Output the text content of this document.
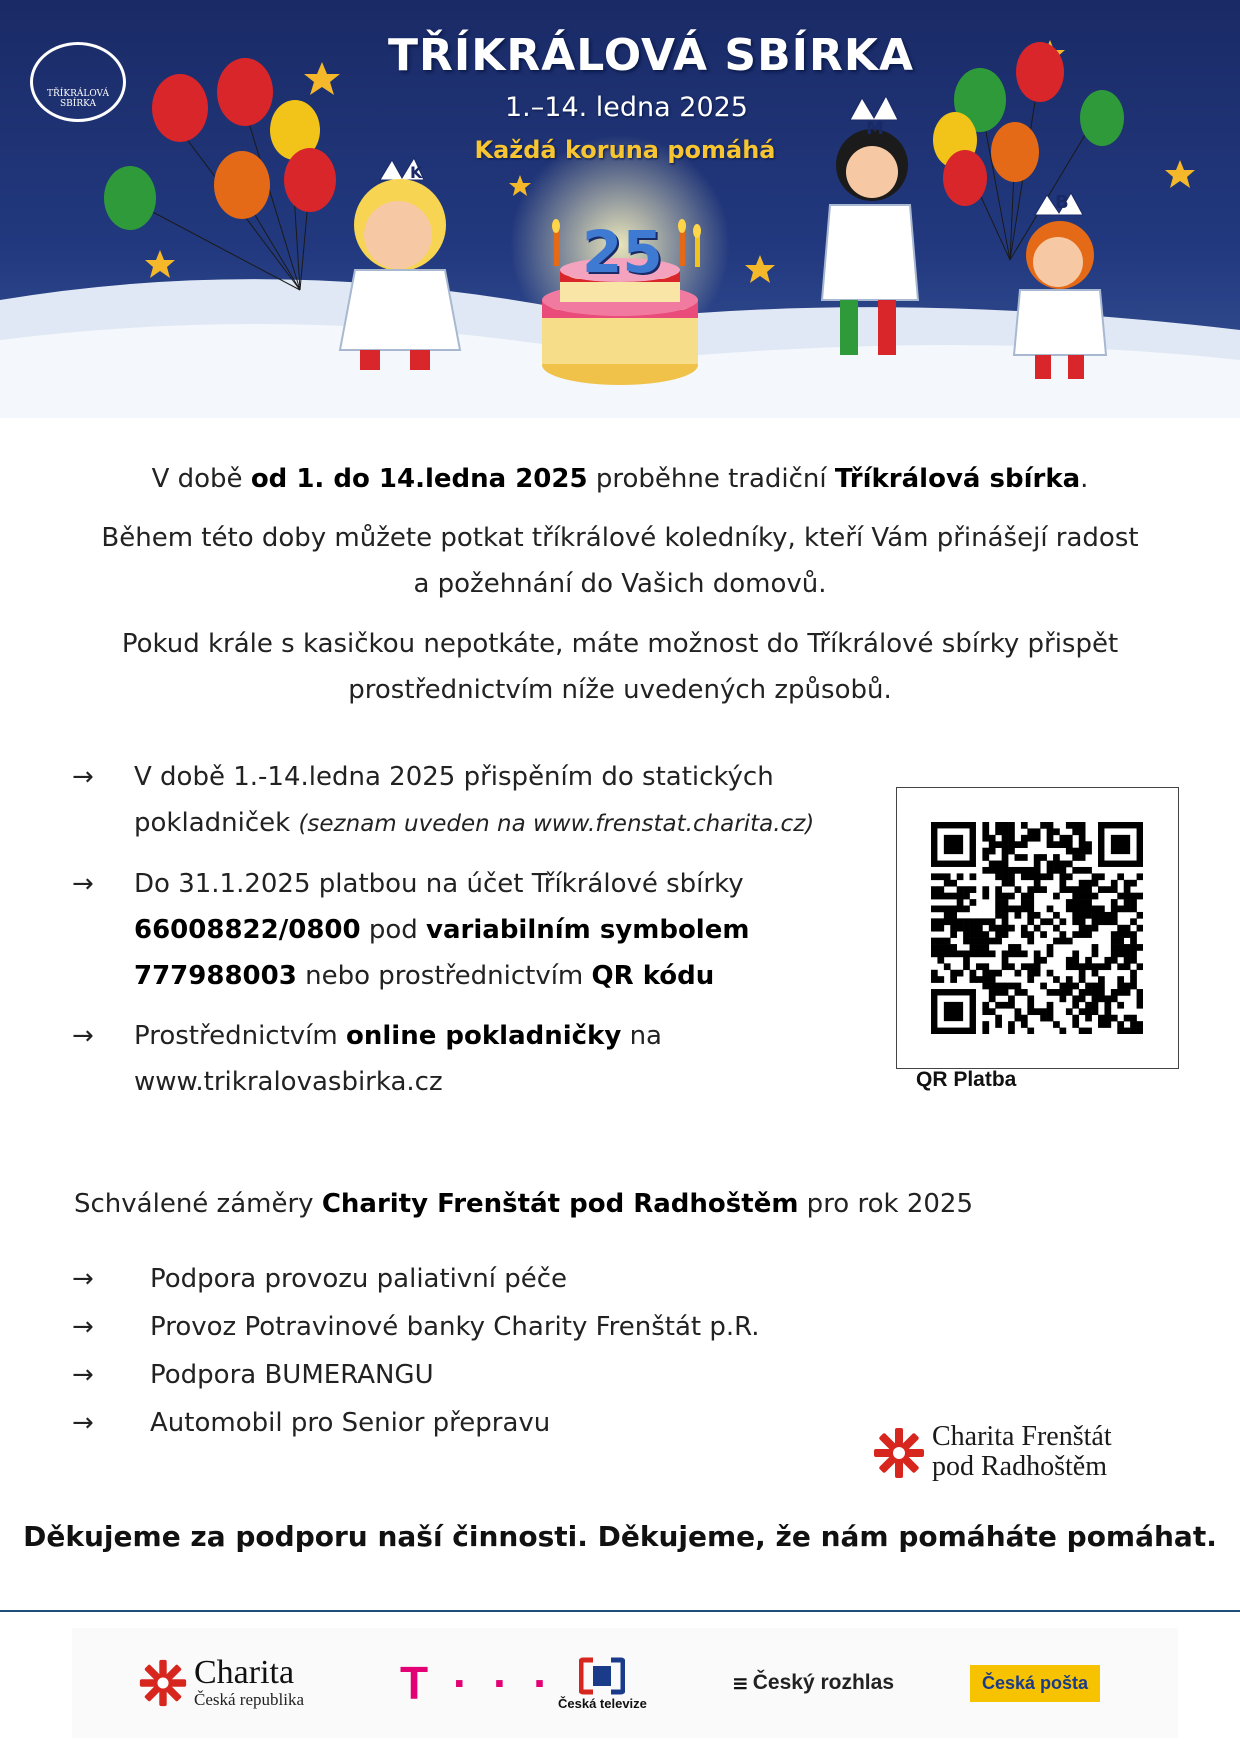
TŘÍKRÁLOVÁ SBÍRKA
TŘÍKRÁLOVÁ SBÍRKA
1.–14. ledna 2025
Každá koruna pomáhá
25
K
M
B

V době od 1. do 14.ledna 2025 proběhne tradiční Tříkrálová sbírka.

Během této doby můžete potkat tříkrálové koledníky, kteří Vám přinášejí radost a požehnání do Vašich domovů.

Pokud krále s kasičkou nepotkáte, máte možnost do Tříkrálové sbírky přispět prostřednictvím níže uvedených způsobů.

→ V době 1.-14.ledna 2025 přispěním do statických pokladniček (seznam uveden na www.frenstat.charita.cz)
→ Do 31.1.2025 platbou na účet Tříkrálové sbírky 66008822/0800 pod variabilním symbolem 777988003 nebo prostřednictvím QR kódu
→ Prostřednictvím online pokladničky na www.trikralovasbirka.cz	QR Platba
Schválené záměry Charity Frenštát pod Radhoštěm pro rok 2025
→	Podpora provozu paliativní péče
→	Provoz Potravinové banky Charity Frenštát p.R.
→	Podpora BUMERANGU
→	Automobil pro Senior přepravu	Charita Frenštát
pod Radhoštěm
Děkujeme za podporu naší činnosti. Děkujeme, že nám pomáháte pomáhat.
Charita
Česká republika T · · · Česká televize
≡ Český rozhlas	Česká pošta
